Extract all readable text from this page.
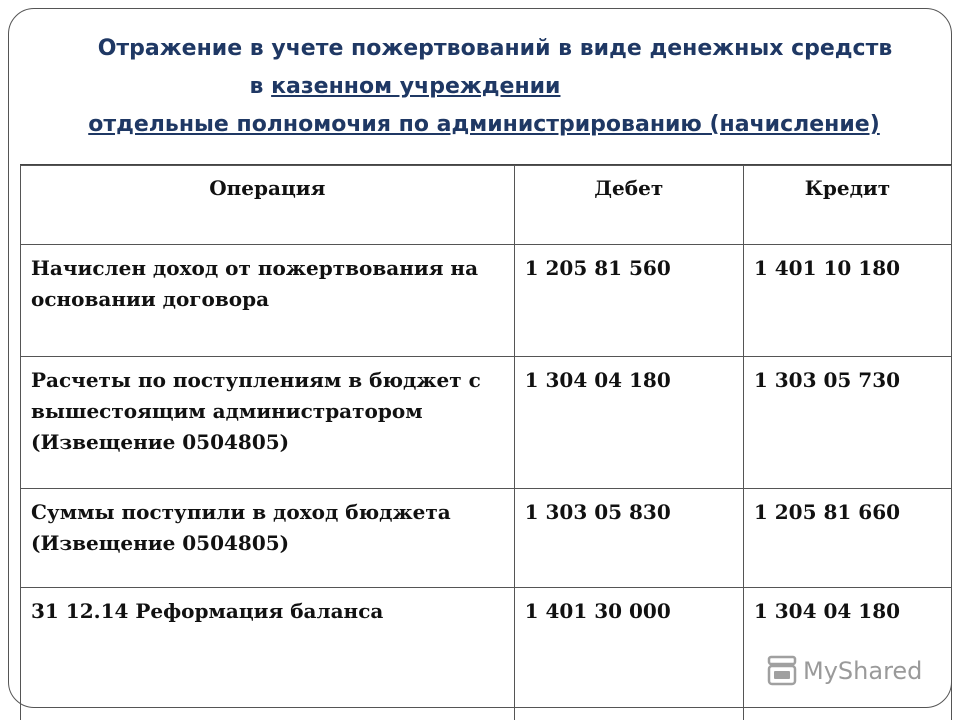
Отражение в учете пожертвований в виде денежных средств
в казенном учреждении
отдельные полномочия по администрированию (начисление)
Операция	Дебет	Кредит
Начислен доход от пожертвования на основании договора	1 205 81 560	1 401 10 180
Расчеты по поступлениям в бюджет с вышестоящим администратором (Извещение 0504805)	1 304 04 180	1 303 05 730
Суммы поступили в доход бюджета (Извещение 0504805)	1 303 05 830	1 205 81 660
31 12.14 Реформация баланса	1 401 30 000	1 304 04 180
MyShared
